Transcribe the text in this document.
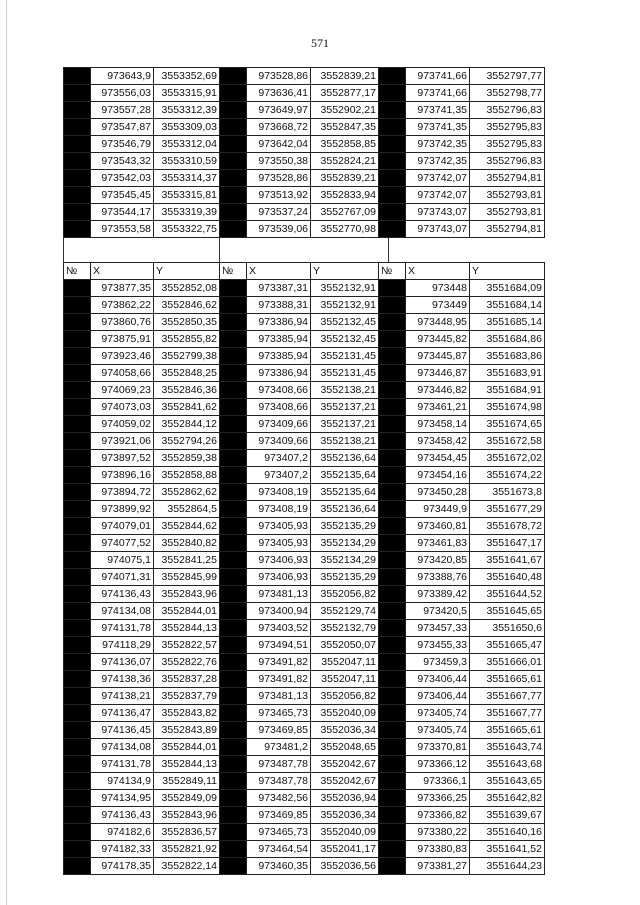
571
	973643,9	3553352,69		973528,86	3552839,21		973741,66	3552797,77
	973556,03	3553315,91		973636,41	3552877,17		973741,66	3552798,77
	973557,28	3553312,39		973649,97	3552902,21		973741,35	3552796,83
	973547,87	3553309,03		973668,72	3552847,35		973741,35	3552795,83
	973546,79	3553312,04		973642,04	3552858,85		973742,35	3552795,83
	973543,32	3553310,59		973550,38	3552824,21		973742,35	3552796,83
	973542,03	3553314,37		973528,86	3552839,21		973742,07	3552794,81
	973545,45	3553315,81		973513,92	3552833,94		973742,07	3552793,81
	973544,17	3553319,39		973537,24	3552767,09		973743,07	3552793,81
	973553,58	3553322,75		973539,06	3552770,98		973743,07	3552794,81
№	X	Y	№	X	Y	№	X	Y
	973877,35	3552852,08		973387,31	3552132,91		973448	3551684,09
	973862,22	3552846,62		973388,31	3552132,91		973449	3551684,14
	973860,76	3552850,35		973386,94	3552132,45		973448,95	3551685,14
	973875,91	3552855,82		973385,94	3552132,45		973445,82	3551684,86
	973923,46	3552799,38		973385,94	3552131,45		973445,87	3551683,86
	974058,66	3552848,25		973386,94	3552131,45		973446,87	3551683,91
	974069,23	3552846,36		973408,66	3552138,21		973446,82	3551684,91
	974073,03	3552841,62		973408,66	3552137,21		973461,21	3551674,98
	974059,02	3552844,12		973409,66	3552137,21		973458,14	3551674,65
	973921,06	3552794,26		973409,66	3552138,21		973458,42	3551672,58
	973897,52	3552859,38		973407,2	3552136,64		973454,45	3551672,02
	973896,16	3552858,88		973407,2	3552135,64		973454,16	3551674,22
	973894,72	3552862,62		973408,19	3552135,64		973450,28	3551673,8
	973899,92	3552864,5		973408,19	3552136,64		973449,9	3551677,29
	974079,01	3552844,62		973405,93	3552135,29		973460,81	3551678,72
	974077,52	3552840,82		973405,93	3552134,29		973461,83	3551647,17
	974075,1	3552841,25		973406,93	3552134,29		973420,85	3551641,67
	974071,31	3552845,99		973406,93	3552135,29		973388,76	3551640,48
	974136,43	3552843,96		973481,13	3552056,82		973389,42	3551644,52
	974134,08	3552844,01		973400,94	3552129,74		973420,5	3551645,65
	974131,78	3552844,13		973403,52	3552132,79		973457,33	3551650,6
	974118,29	3552822,57		973494,51	3552050,07		973455,33	3551665,47
	974136,07	3552822,76		973491,82	3552047,11		973459,3	3551666,01
	974138,36	3552837,28		973491,82	3552047,11		973406,44	3551665,61
	974138,21	3552837,79		973481,13	3552056,82		973406,44	3551667,77
	974136,47	3552843,82		973465,73	3552040,09		973405,74	3551667,77
	974136,45	3552843,89		973469,85	3552036,34		973405,74	3551665,61
	974134,08	3552844,01		973481,2	3552048,65		973370,81	3551643,74
	974131,78	3552844,13		973487,78	3552042,67		973366,12	3551643,68
	974134,9	3552849,11		973487,78	3552042,67		973366,1	3551643,65
	974134,95	3552849,09		973482,56	3552036,94		973366,25	3551642,82
	974136,43	3552843,96		973469,85	3552036,34		973366,82	3551639,67
	974182,6	3552836,57		973465,73	3552040,09		973380,22	3551640,16
	974182,33	3552821,92		973464,54	3552041,17		973380,83	3551641,52
	974178,35	3552822,14		973460,35	3552036,56		973381,27	3551644,23
